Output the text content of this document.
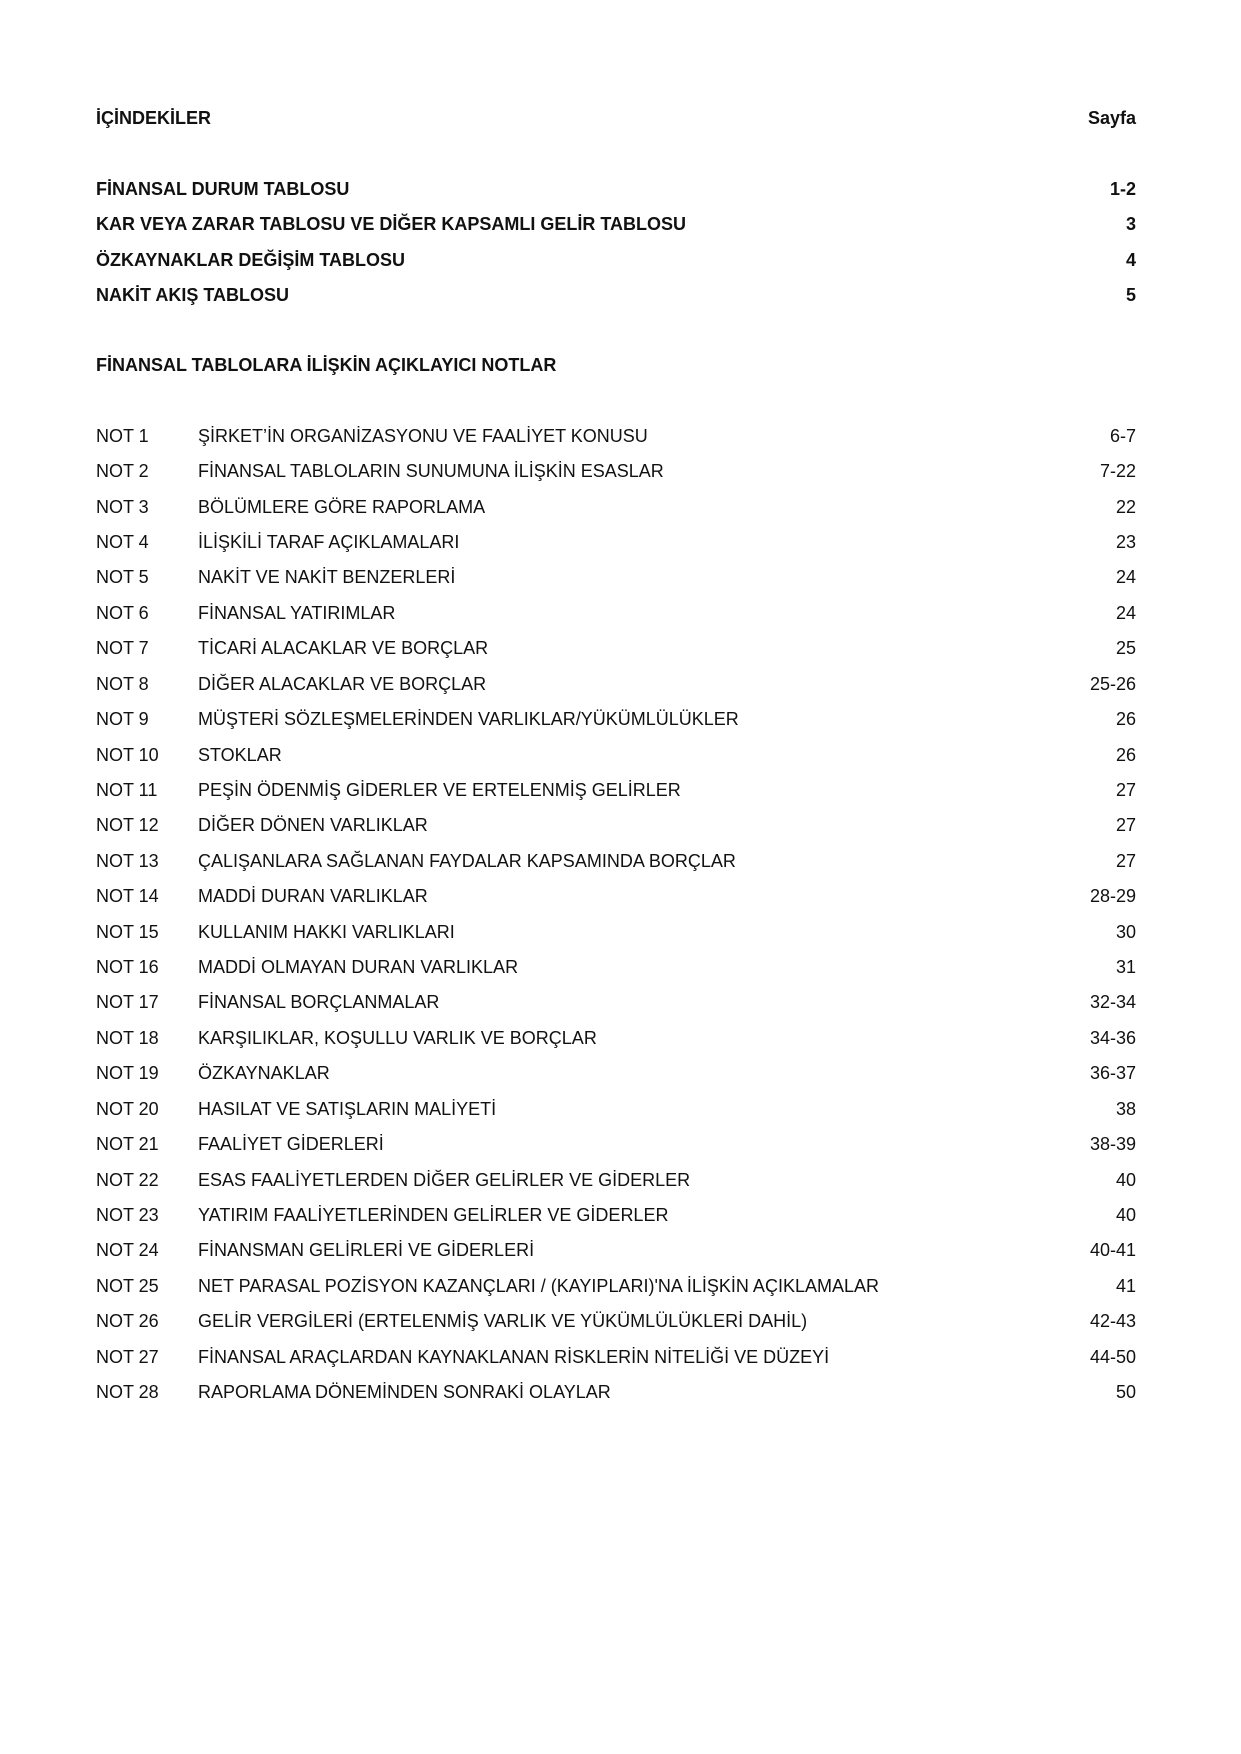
İÇİNDEKİLER	Sayfa
FİNANSAL DURUM TABLOSU	1-2
KAR VEYA ZARAR TABLOSU VE DİĞER KAPSAMLI GELİR TABLOSU	3
ÖZKAYNAKLAR DEĞİŞİM TABLOSU	4
NAKİT AKIŞ TABLOSU	5
FİNANSAL TABLOLARA İLİŞKİN AÇIKLAYICI NOTLAR
NOT 1	ŞİRKET’İN ORGANİZASYONU VE FAALİYET KONUSU	6-7
NOT 2	FİNANSAL TABLOLARIN SUNUMUNA İLİŞKİN ESASLAR	7-22
NOT 3	BÖLÜMLERE GÖRE RAPORLAMA	22
NOT 4	İLİŞKİLİ TARAF AÇIKLAMALARI	23
NOT 5	NAKİT VE NAKİT BENZERLERİ	24
NOT 6	FİNANSAL YATIRIMLAR	24
NOT 7	TİCARİ ALACAKLAR VE BORÇLAR	25
NOT 8	DİĞER ALACAKLAR VE BORÇLAR	25-26
NOT 9	MÜŞTERİ SÖZLEŞMELERİNDEN VARLIKLAR/YÜKÜMLÜLÜKLER	26
NOT 10 STOKLAR	26
NOT 11 PEŞİN ÖDENMİŞ GİDERLER VE ERTELENMİŞ GELİRLER	27
NOT 12 DİĞER DÖNEN VARLIKLAR	27
NOT 13 ÇALIŞANLARA SAĞLANAN FAYDALAR KAPSAMINDA BORÇLAR	27
NOT 14 MADDİ DURAN VARLIKLAR	28-29
NOT 15 KULLANIM HAKKI VARLIKLARI	30
NOT 16 MADDİ OLMAYAN DURAN VARLIKLAR	31
NOT 17 FİNANSAL BORÇLANMALAR	32-34
NOT 18 KARŞILIKLAR, KOŞULLU VARLIK VE BORÇLAR	34-36
NOT 19 ÖZKAYNAKLAR	36-37
NOT 20 HASILAT VE SATIŞLARIN MALİYETİ	38
NOT 21 FAALİYET GİDERLERİ	38-39
NOT 22 ESAS FAALİYETLERDEN DİĞER GELİRLER VE GİDERLER	40
NOT 23 YATIRIM FAALİYETLERİNDEN GELİRLER VE GİDERLER	40
NOT 24 FİNANSMAN GELİRLERİ VE GİDERLERİ	40-41
NOT 25 NET PARASAL POZİSYON KAZANÇLARI / (KAYIPLARI)'NA İLİŞKİN AÇIKLAMALAR	41
NOT 26 GELİR VERGİLERİ (ERTELENMİŞ VARLIK VE YÜKÜMLÜLÜKLERİ DAHİL)	42-43
NOT 27 FİNANSAL ARAÇLARDAN KAYNAKLANAN RİSKLERİN NİTELİĞİ VE DÜZEYİ	44-50
NOT 28 RAPORLAMA DÖNEMİNDEN SONRAKİ OLAYLAR	50
